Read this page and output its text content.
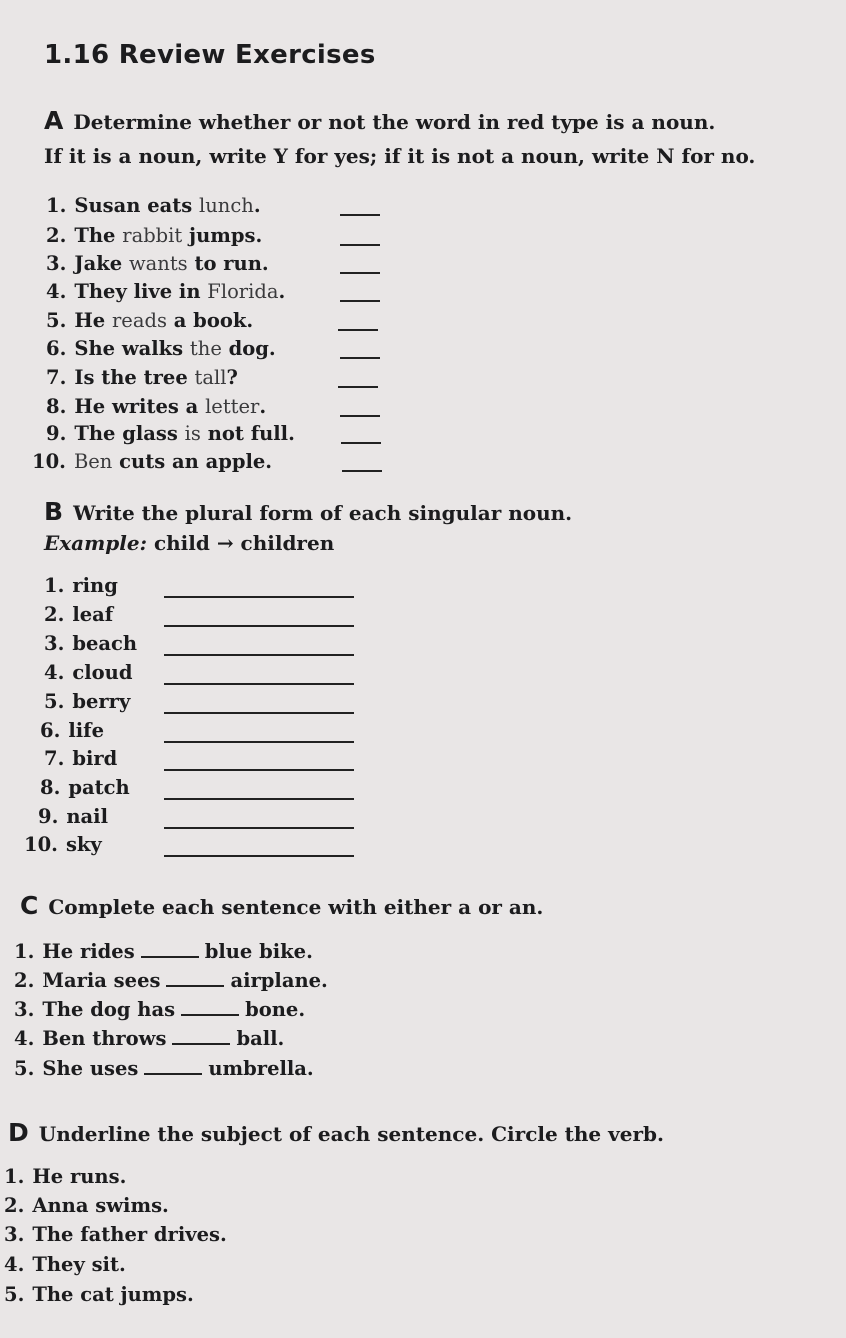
1.16 Review Exercises
A Determine whether or not the word in red type is a noun.
If it is a noun, write Y for yes; if it is not a noun, write N for no.
1. Susan eats lunch.
2. The rabbit jumps.
3. Jake wants to run.
4. They live in Florida.
5. He reads a book.
6. She walks the dog.
7. Is the tree tall?
8. He writes a letter.
9. The glass is not full.
10. Ben cuts an apple.
B Write the plural form of each singular noun.
Example: child → children
1. ring
2. leaf
3. beach
4. cloud
5. berry
6. life
7. bird
8. patch
9. nail
10. sky
C Complete each sentence with either a or an.
1. He rides	blue bike.
2. Maria sees	airplane.
3. The dog has	bone.
4. Ben throws	ball.
5. She uses	umbrella.
D Underline the subject of each sentence. Circle the verb.
1. He runs.
2. Anna swims.
3. The father drives.
4. They sit.
5. The cat jumps.
